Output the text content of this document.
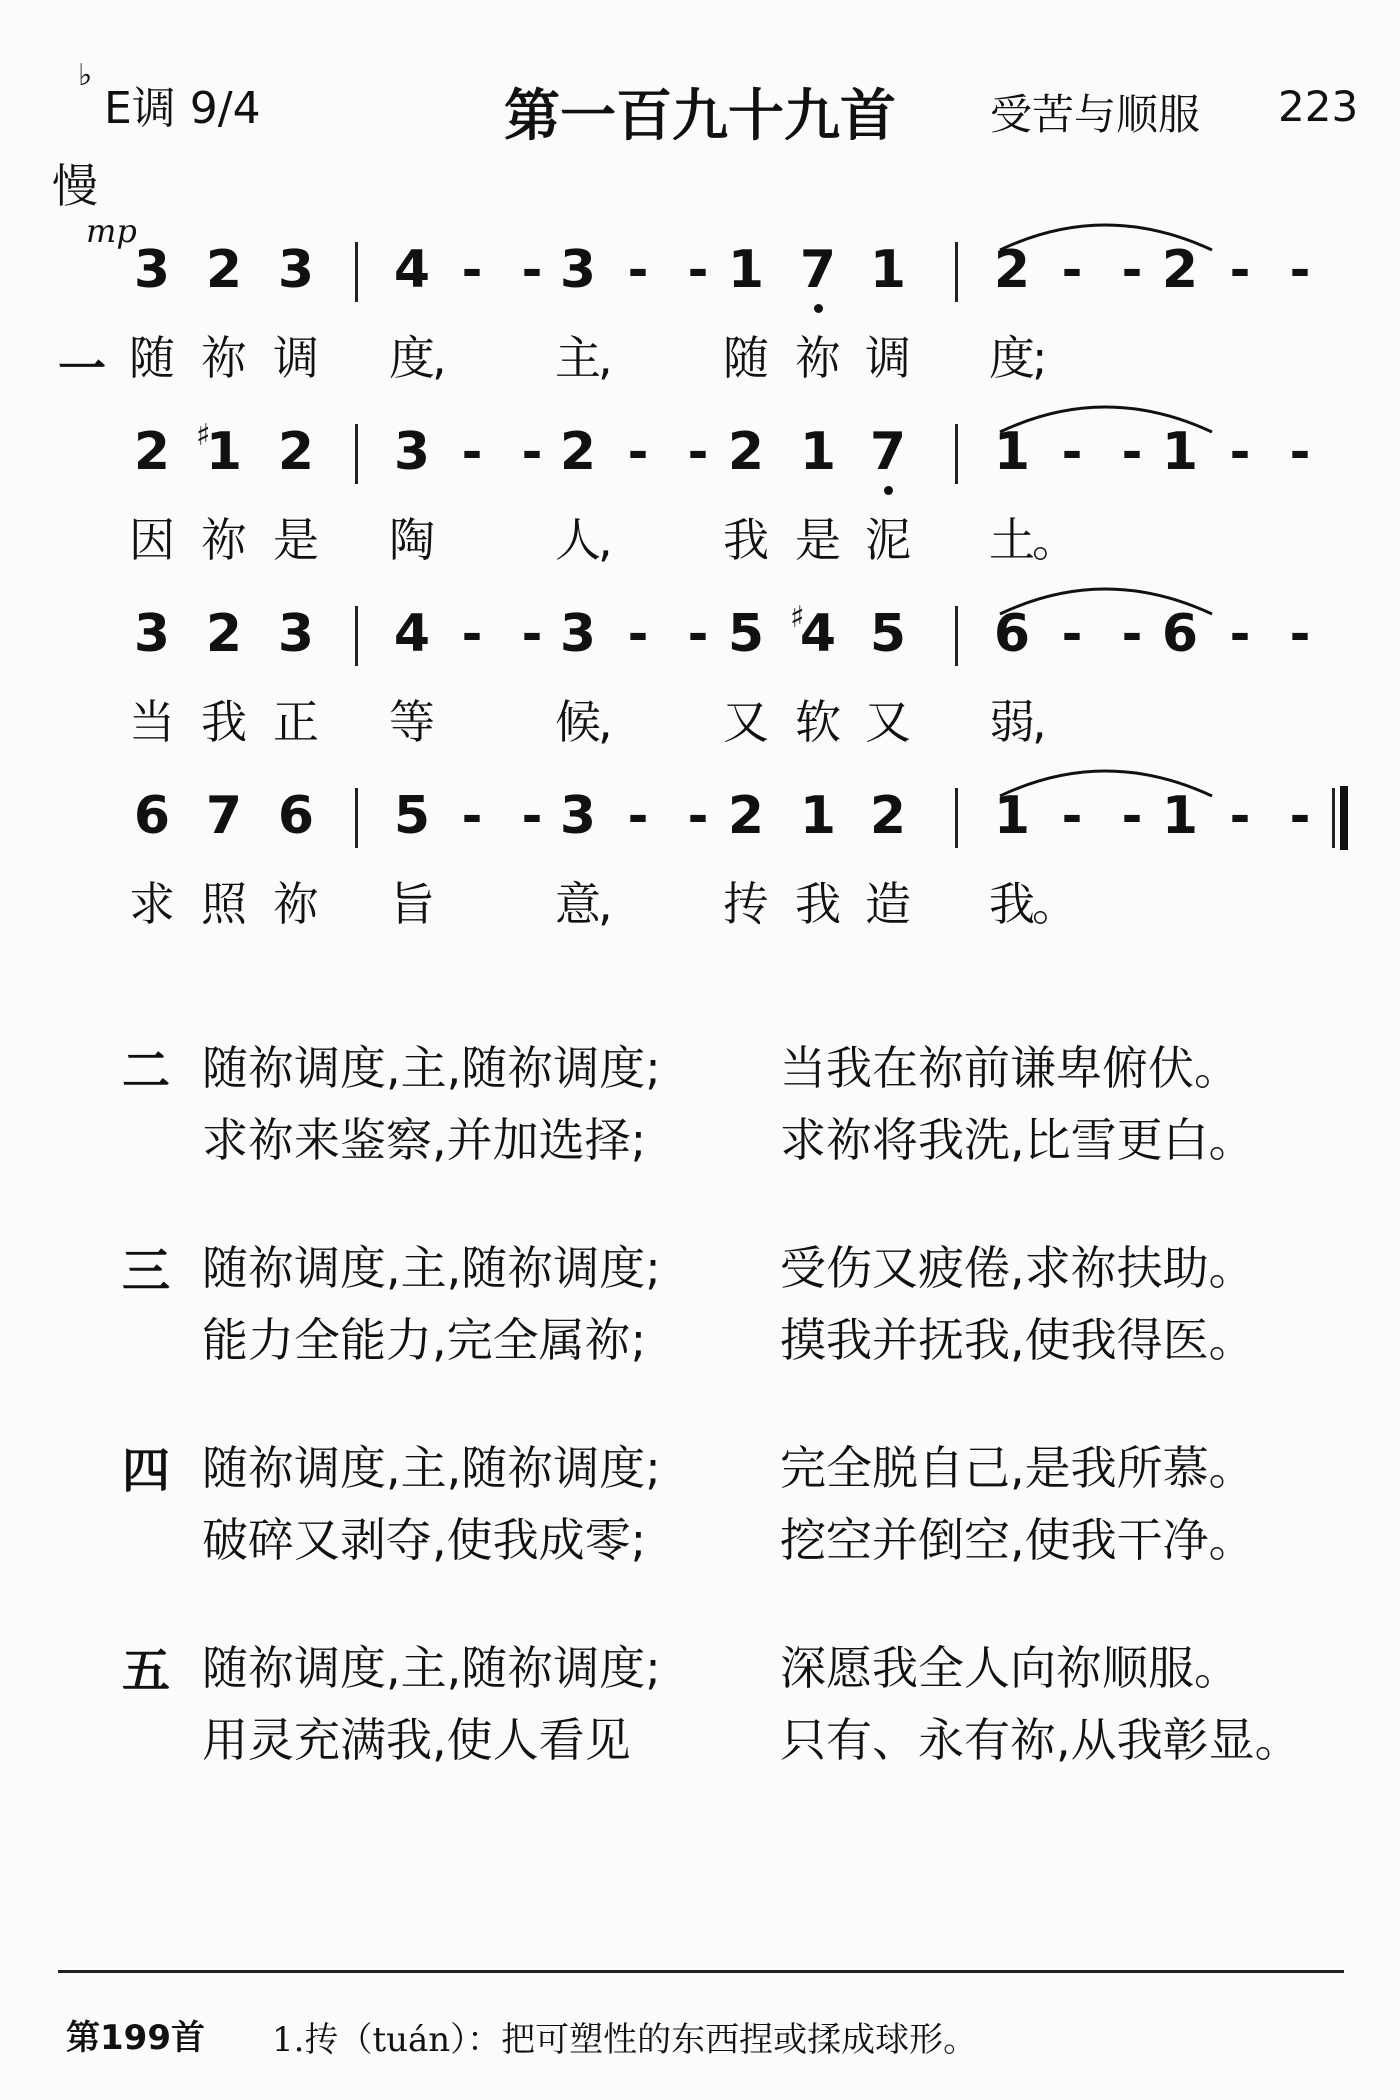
♭
E调 9/4
慢
mp
第一百九十九首	受苦与顺服 223
3 2 3 4 - - 3 - - 1 7 1 2 - - 2 - -
一 随 祢 调 度
,	主
,	随 祢 调 度
;
2 1
♯ 2 3 - - 2 - - 2 1 7 1 - - 1 - -
因 祢 是 陶	人
,	我 是 泥 土
。
3 2 3 4 - - 3 - - 5 4
♯ 5 6 - - 6 - -
当 我 正 等	候
,	又 软 又 弱
,
6 7 6 5 - - 3 - - 2 1 2 1 - - 1 - -
求 照 祢 旨	意
,	抟 我 造 我
。
二 随祢调度,主,随祢调度;	当我在祢前谦卑俯伏。
求祢来鉴察,并加选择;	求祢将我洗,比雪更白。
三 随祢调度,主,随祢调度;	受伤又疲倦,求祢扶助。
能力全能力,完全属祢;	摸我并抚我,使我得医。
四 随祢调度,主,随祢调度;	完全脱自己,是我所慕。
破碎又剥夺,使我成零;	挖空并倒空,使我干净。
五 随祢调度,主,随祢调度;	深愿我全人向祢顺服。
用灵充满我,使人看见	只有、永有祢,从我彰显。
第199首 1.抟（tuán）：把可塑性的东西捏或揉成球形。
